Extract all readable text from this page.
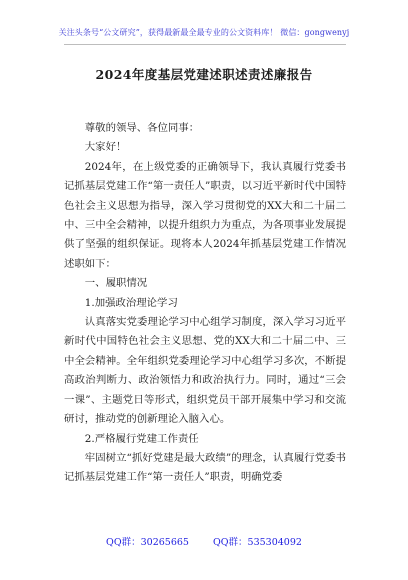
关注头条号“公文研究”，获得最新最全最专业的公文资料库！ 微信：gongwenyj
2024年度基层党建述职述责述廉报告

尊敬的领导、各位同事：

大家好！

2024年，在上级党委的正确领导下，我认真履行党委书记抓基层党建工作“第一责任人”职责，以习近平新时代中国特色社会主义思想为指导，深入学习贯彻党的XX大和二十届二中、三中全会精神，以提升组织力为重点，为各项事业发展提供了坚强的组织保证。现将本人2024年抓基层党建工作情况述职如下：

一、履职情况

1.加强政治理论学习

认真落实党委理论学习中心组学习制度，深入学习习近平新时代中国特色社会主义思想、党的XX大和二十届二中、三中全会精神。全年组织党委理论学习中心组学习多次，不断提高政治判断力、政治领悟力和政治执行力。同时，通过“三会一课”、主题党日等形式，组织党员干部开展集中学习和交流研讨，推动党的创新理论入脑入心。

2.严格履行党建工作责任

牢固树立“抓好党建是最大政绩”的理念，认真履行党委书记抓基层党建工作“第一责任人”职责，明确党委

QQ群：30265665	QQ群：535304092
